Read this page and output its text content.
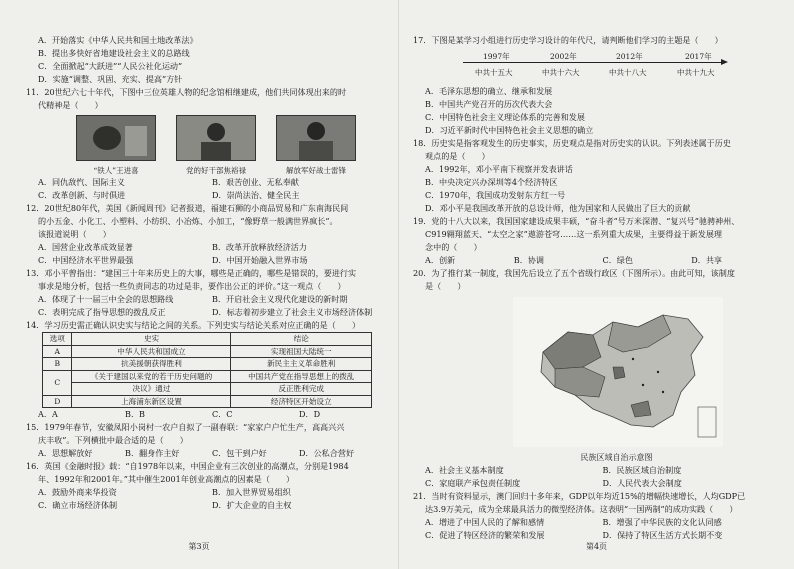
A．开始落实《中华人民共和国土地改革法》
B．提出多快好省地建设社会主义的总路线
C．全面掀起“大跃进”“人民公社化运动”
D．实施“调整、巩固、充实、提高”方针
11．20世纪六七十年代，下图中三位英雄人物的纪念馆相继建成，他们共同体现出来的时
代精神是（　　）
“铁人”王进喜	党的好干部焦裕禄	解放军好战士雷锋
A．同仇敌忾、国际主义	B．艰苦创业、无私奉献
C．改革创新、与时俱进	D．崇尚法治、健全民主
12．20世纪80年代，美国《新闻周刊》记者报道，福建石狮的小商品贸易和广东南海民间
的小五金、小化工、小塑料、小纺织、小冶炼、小加工，“像野草一般满世界疯长”。
该报道说明（　　）
A．国营企业改革成效显著	B．改革开放释放经济活力
C．中国经济水平世界最强	D．中国开始融入世界市场
13．邓小平曾指出：“建国三十年来历史上的大事，哪些是正确的，哪些是错误的，要进行实
事求是地分析，包括一些负责同志的功过是非，要作出公正的评价。”这一观点（　　）
A．体现了十一届三中全会的思想路线	B．开启社会主义现代化建设的新时期
C．表明完成了指导思想的拨乱反正	D．标志着初步建立了社会主义市场经济体制
14．学习历史需正确认识史实与结论之间的关系。下列史实与结论关系对应正确的是（　　）
选项	史实	结论
A	中华人民共和国成立	实现祖国大陆统一
B	抗美援朝获得胜利	新民主主义革命胜利
C	《关于建国以来党的若干历史问题的	中国共产党在指导思想上的拨乱
	决议》通过	反正胜利完成
D	上海浦东新区设置	经济特区开始设立
A．A	B．B	C．C	D．D
15．1979年春节，安徽凤阳小岗村一农户自拟了一副春联：“家家户户忙生产，高高兴兴
庆丰收”。下列横批中最合适的是（　　）
A．思想解放好	B．翻身作主好	C．包干到户好	D．公私合营好
16．英国《金融时报》载：“自1978年以来，中国企业有三次创业的高潮点，分别是1984
年、1992年和2001年。”其中催生2001年创业高潮点的因素是（　　）
A．鼓励外商来华投资	B．加入世界贸易组织
C．确立市场经济体制	D．扩大企业的自主权
第3页
17．下图是某学习小组进行历史学习设计的年代尺，请判断他们学习的主题是（　　）
1997年	2002年	2012年	2017年
中共十五大	中共十六大	中共十八大	中共十九大
A．毛泽东思想的确立、继承和发展
B．中国共产党召开的历次代表大会
C．中国特色社会主义理论体系的完善和发展
D．习近平新时代中国特色社会主义思想的确立
18．历史实是指客观发生的历史事实，历史观点是指对历史实的认识。下列表述属于历史
观点的是（　　）
A．1992年，邓小平南下视察并发表讲话
B．中央决定兴办深圳等4个经济特区
C．1970年，我国成功发射东方红一号
D．邓小平是我国改革开放的总设计师，他为国家和人民做出了巨大的贡献
19．党的十八大以来，我国国家建设成果丰硕，“奋斗者”号万米深潜、“复兴号”驰骋神州、
C919翱翔蓝天、“太空之家”遨游苍穹……这一系列重大成果，主要得益于新发展理
念中的（　　）
A．创新	B．协调	C．绿色	D．共享
20．为了推行某一制度，我国先后设立了五个省级行政区（下图所示）。由此可知，该制度
是（　　）
民族区域自治示意图
A．社会主义基本制度	B．民族区域自治制度
C．家庭联产承包责任制度	D．人民代表大会制度
21．当时有资料显示，澳门回归十多年来，GDP以年均近15%的增幅快速增长，人均GDP已
达3.9万美元，成为全球最具活力的微型经济体。这表明“一国两制”的成功实践（　　）
A．增进了中国人民的了解和感情	B．增强了中华民族的文化认同感
C．促进了特区经济的繁荣和发展	D．保持了特区生活方式长期不变
第4页
